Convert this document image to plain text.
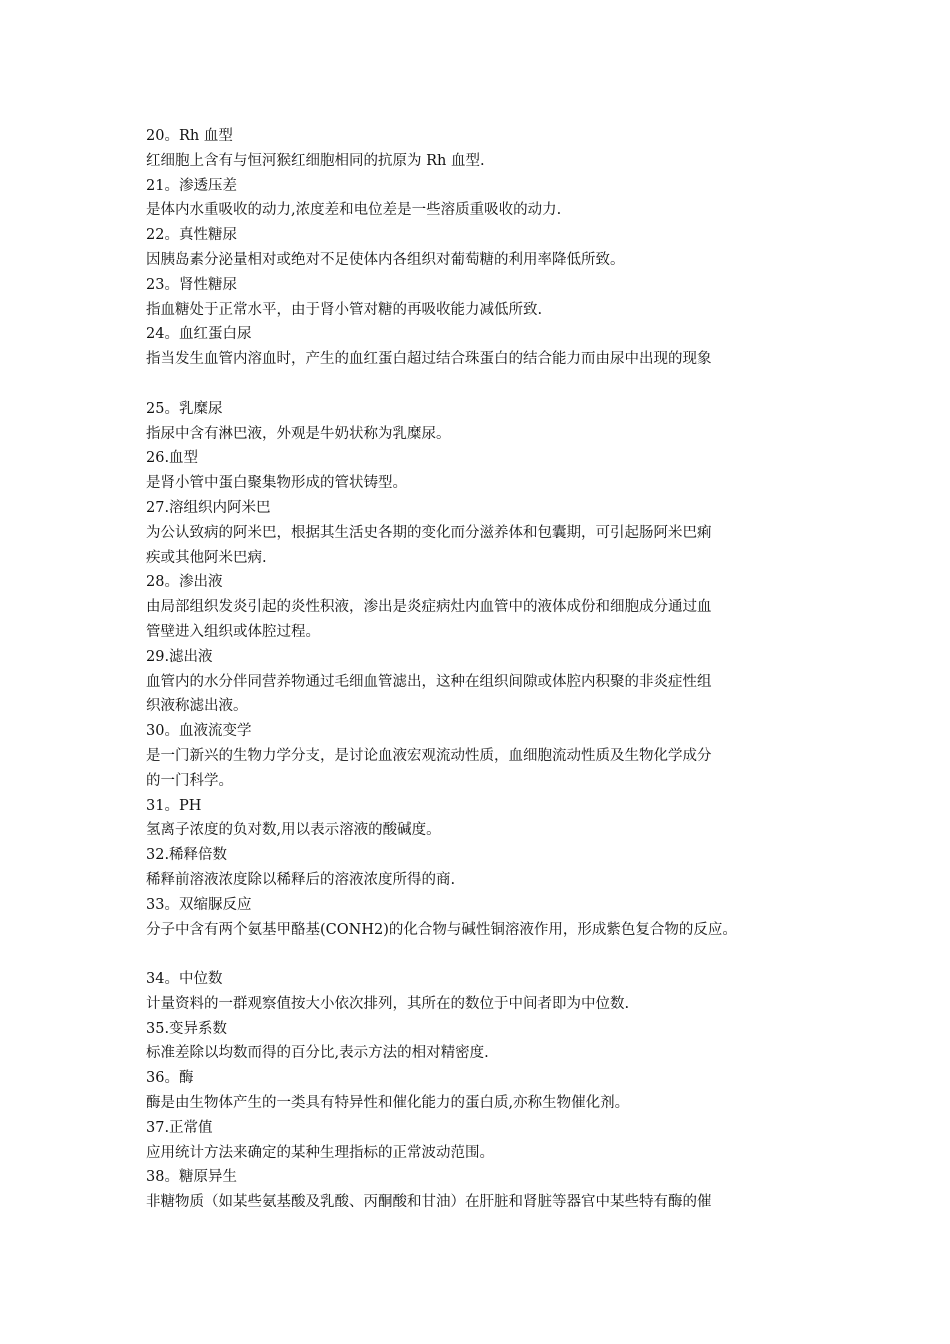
20。Rh 血型
红细胞上含有与恒河猴红细胞相同的抗原为 Rh 血型.
21。渗透压差
是体内水重吸收的动力,浓度差和电位差是一些溶质重吸收的动力.
22。真性糖尿
因胰岛素分泌量相对或绝对不足使体内各组织对葡萄糖的利用率降低所致。
23。肾性糖尿
指血糖处于正常水平，由于肾小管对糖的再吸收能力减低所致.
24。血红蛋白尿
指当发生血管内溶血时，产生的血红蛋白超过结合珠蛋白的结合能力而由尿中出现的现象
25。乳糜尿
指尿中含有淋巴液，外观是牛奶状称为乳糜尿。
26.血型
是肾小管中蛋白聚集物形成的管状铸型。
27.溶组织内阿米巴
为公认致病的阿米巴，根据其生活史各期的变化而分滋养体和包囊期，可引起肠阿米巴痢
疾或其他阿米巴病.
28。渗出液
由局部组织发炎引起的炎性积液，渗出是炎症病灶内血管中的液体成份和细胞成分通过血
管壁进入组织或体腔过程。
29.滤出液
血管内的水分伴同营养物通过毛细血管滤出，这种在组织间隙或体腔内积聚的非炎症性组
织液称滤出液。
30。血液流变学
是一门新兴的生物力学分支，是讨论血液宏观流动性质，血细胞流动性质及生物化学成分
的一门科学。
31。PH
氢离子浓度的负对数,用以表示溶液的酸碱度。
32.稀释倍数
稀释前溶液浓度除以稀释后的溶液浓度所得的商.
33。双缩脲反应
分子中含有两个氨基甲酪基(CONH2)的化合物与碱性铜溶液作用，形成紫色复合物的反应。
34。中位数
计量资料的一群观察值按大小依次排列，其所在的数位于中间者即为中位数.
35.变异系数
标准差除以均数而得的百分比,表示方法的相对精密度.
36。酶
酶是由生物体产生的一类具有特异性和催化能力的蛋白质,亦称生物催化剂。
37.正常值
应用统计方法来确定的某种生理指标的正常波动范围。
38。糖原异生
非糖物质（如某些氨基酸及乳酸、丙酮酸和甘油）在肝脏和肾脏等器官中某些特有酶的催
